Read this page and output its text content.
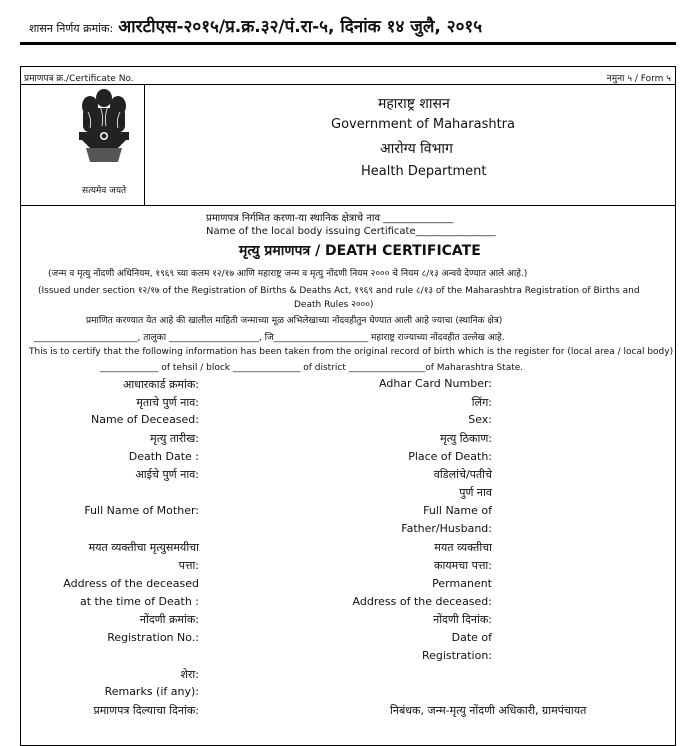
शासन निर्णय क्रमांक: आरटीएस-२०१५/प्र.क्र.३२/पं.रा-५, दिनांक १४ जुलै, २०१५
प्रमाणपत्र क्र./Certificate No.	नमुना ५ / Form ५
सत्यमेव जयते
महाराष्ट्र शासन
Government of Maharashtra
आरोग्य विभाग
Health Department
प्रमाणपत्र निर्गमित करणा-या स्थानिक क्षेत्राचे नाव ______________
Name of the local body issuing Certificate________________
मृत्यु प्रमाणपत्र / DEATH CERTIFICATE
(जन्म व मृत्यु नोंदणी अधिनियम, १९६९ च्या कलम १२/१७ आणि महाराष्ट्र जन्म व मृत्यु नोंदणी नियम २००० चे नियम ८/१३ अन्वये देण्यात आले आहे.)
(Issued under section १२/१७ of the Registration of Births & Deaths Act, १९६९ and rule ८/१३ of the Maharashtra Registration of Births and
Death Rules २०००)
प्रमाणित करण्यात येत आहे की खालील माहिती जन्माच्या मूळ अभिलेखाच्या नोंदवहीतुन घेण्यात आली आहे ज्याचा (स्थानिक क्षेत्र)
_______________________, तालुका ____________________, जि_____________________ महाराष्ट्र राज्याच्या नोंदवहीत उल्लेख आहे.
This is to certify that the following information has been taken from the original record of birth which is the register for (local area / local body)
_____________ of tehsil / block _______________ of district _________________of Maharashtra State.
आधारकार्ड क्रमांक:
मृताचे पुर्ण नाव:
Name of Deceased:
मृत्यु तारीख:
Death Date :
आईचे पुर्ण नाव:
Full Name of Mother:
मयत व्यक्तीचा मृत्युसमयीचा
पत्ता:
Address of the deceased
at the time of Death :
नोंदणी क्रमांक:
Registration No.:
शेरा:
Remarks (if any):
प्रमाणपत्र दिल्याचा दिनांक:
Adhar Card Number:
लिंग:
Sex:
मृत्यु ठिकाण:
Place of Death:
वडिलांचे/पतीचे
पुर्ण नाव
Full Name of
Father/Husband:
मयत व्यक्तीचा
कायमचा पत्ता:
Permanent
Address of the deceased:
नोंदणी दिनांक:
Date of
Registration:
निबंधक, जन्म-मृत्यु नोंदणी अधिकारी, ग्रामपंचायत
